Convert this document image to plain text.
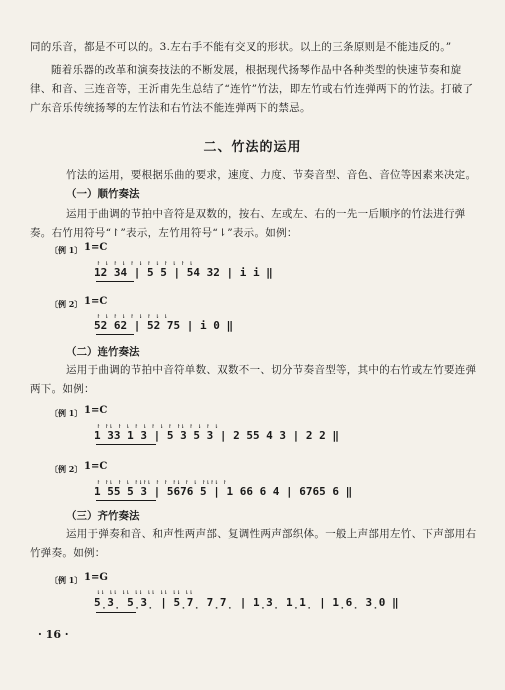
同的乐音，都是不可以的。3.左右手不能有交叉的形状。以上的三条原则是不能违反的。”
随着乐器的改革和演奏技法的不断发展，根据现代扬琴作品中各种类型的快速节奏和旋律、和音、三连音等，王沂甫先生总结了“连竹”竹法，即左竹或右竹连弹两下的竹法。打破了广东音乐传统扬琴的左竹法和右竹法不能连弹两下的禁忌。
二、竹法的运用
竹法的运用，要根据乐曲的要求，速度、力度、节奏音型、音色、音位等因素来决定。
（一）顺竹奏法
运用于曲调的节拍中音符是双数的，按右、左或左、右的一先一后顺序的竹法进行弹奏。右竹用符号“↾”表示，左竹用符号“⇂”表示。如例：
〔例 1〕 1=C
↾ ⇂ ↾ ⇂ ↾ ⇂ ↾ ⇂ ↾ ⇂ ↾ ⇂
12 34 | 5 5 | 54 32 | i i ‖
〔例 2〕 1=C
↾ ⇂ ↾ ⇂ ↾ ⇂ ↾ ⇂ ⇂
52 62 | 52 75 | i 0 ‖
（二）连竹奏法
运用于曲调的节拍中音符单数、双数不一、切分节奏音型等，其中的右竹或左竹要连弹两下。如例：
〔例 1〕 1=C
↾ ↾⇂ ↾ ⇂ ↾ ⇂ ↾ ⇂ ↾ ↾⇂ ↾ ⇂ ↾ ⇂
1 33 1 3 | 5 3 5 3 | 2 55 4 3 | 2 2 ‖
〔例 2〕 1=C
↾ ↾⇂ ↾ ⇂ ↾⇂↾⇂ ↾ ↾ ↾⇂ ↾ ⇂ ↾⇂↾⇂ ↾
1 55 5 3 | 5676 5 | 1 66 6 4 | 6765 6 ‖
（三）齐竹奏法
运用于弹奏和音、和声性两声部、复调性两声部织体。一般上声部用左竹、下声部用右竹弹奏。如例：
〔例 1〕 1=G
⇂⇂ ⇂⇂ ⇂⇂ ⇂⇂ ⇂⇂ ⇂⇂ ⇂⇂ ⇂⇂
5̣3̣ 5̣3̣ | 5̣7̣ 7̣7̣ | 1̣3̣ 1̣1̣ | 1̣6̣ 3̣0 ‖
· 16 ·
